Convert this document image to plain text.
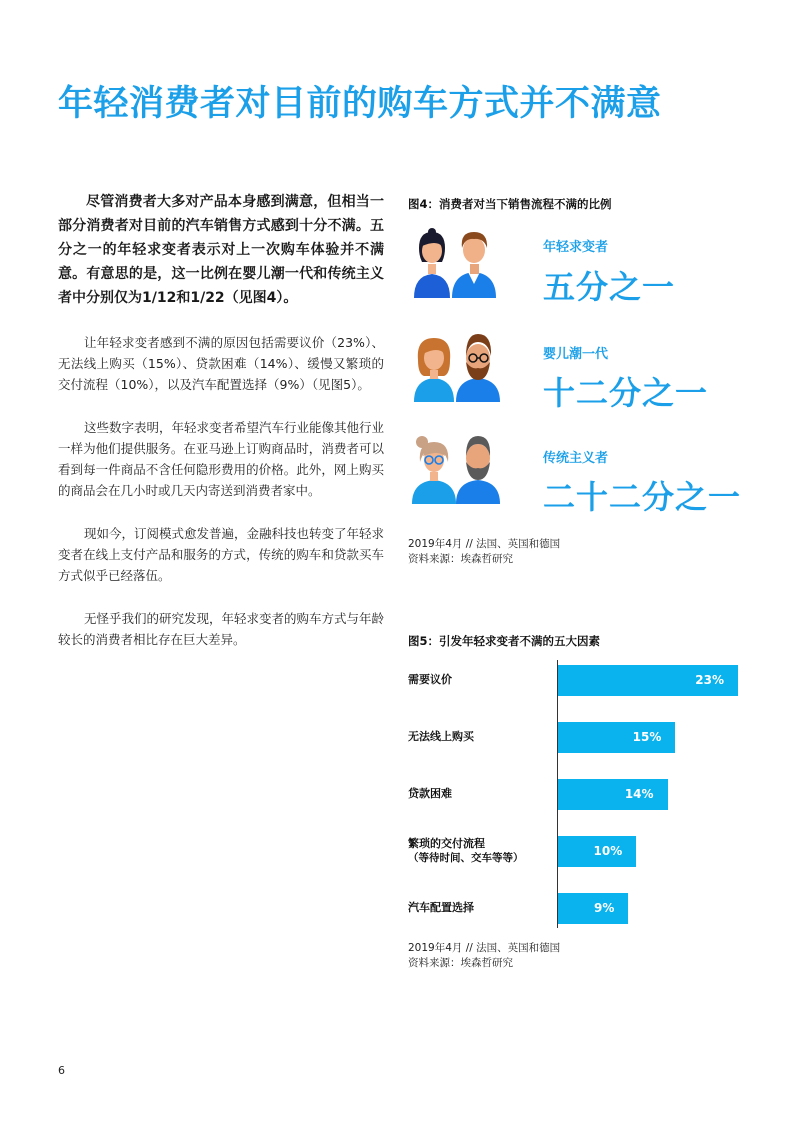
年轻消费者对目前的购车方式并不满意

尽管消费者大多对产品本身感到满意，但相当一部分消费者对目前的汽车销售方式感到十分不满。五分之一的年轻求变者表示对上一次购车体验并不满意。有意思的是，这一比例在婴儿潮一代和传统主义者中分别仅为1/12和1/22（见图4）。

让年轻求变者感到不满的原因包括需要议价（23%）、无法线上购买（15%）、贷款困难（14%）、缓慢又繁琐的交付流程（10%），以及汽车配置选择（9%）（见图5）。

这些数字表明，年轻求变者希望汽车行业能像其他行业一样为他们提供服务。在亚马逊上订购商品时，消费者可以看到每一件商品不含任何隐形费用的价格。此外，网上购买的商品会在几小时或几天内寄送到消费者家中。

现如今，订阅模式愈发普遍，金融科技也转变了年轻求变者在线上支付产品和服务的方式，传统的购车和贷款买车方式似乎已经落伍。

无怪乎我们的研究发现，年轻求变者的购车方式与年龄较长的消费者相比存在巨大差异。

图4：消费者对当下销售流程不满的比例
年轻求变者
五分之一
婴儿潮一代
十二分之一
传统主义者
二十二分之一
2019年4月 // 法国、英国和德国
资料来源：埃森哲研究
图5：引发年轻求变者不满的五大因素
需要议价	23%
无法线上购买	15%
贷款困难	14%
繁琐的交付流程
（等待时间、交车等等）	10%
汽车配置选择	9%
2019年4月 // 法国、英国和德国
资料来源：埃森哲研究
6
